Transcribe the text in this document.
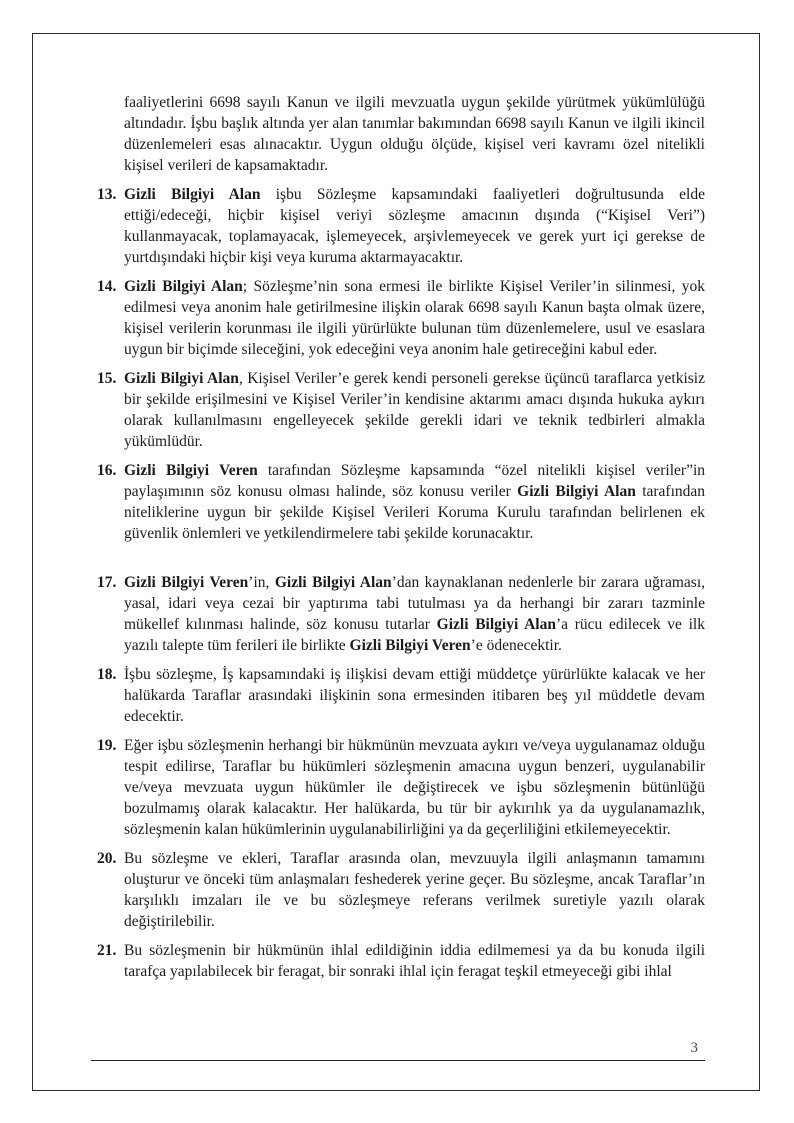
faaliyetlerini 6698 sayılı Kanun ve ilgili mevzuatla uygun şekilde yürütmek yükümlülüğü altındadır. İşbu başlık altında yer alan tanımlar bakımından 6698 sayılı Kanun ve ilgili ikincil düzenlemeleri esas alınacaktır. Uygun olduğu ölçüde, kişisel veri kavramı özel nitelikli kişisel verileri de kapsamaktadır.

13. Gizli Bilgiyi Alan işbu Sözleşme kapsamındaki faaliyetleri doğrultusunda elde ettiği/edeceği, hiçbir kişisel veriyi sözleşme amacının dışında (“Kişisel Veri”) kullanmayacak, toplamayacak, işlemeyecek, arşivlemeyecek ve gerek yurt içi gerekse de yurtdışındaki hiçbir kişi veya kuruma aktarmayacaktır.
14. Gizli Bilgiyi Alan; Sözleşme’nin sona ermesi ile birlikte Kişisel Veriler’in silinmesi, yok edilmesi veya anonim hale getirilmesine ilişkin olarak 6698 sayılı Kanun başta olmak üzere, kişisel verilerin korunması ile ilgili yürürlükte bulunan tüm düzenlemelere, usul ve esaslara uygun bir biçimde sileceğini, yok edeceğini veya anonim hale getireceğini kabul eder.
15. Gizli Bilgiyi Alan, Kişisel Veriler’e gerek kendi personeli gerekse üçüncü taraflarca yetkisiz bir şekilde erişilmesini ve Kişisel Veriler’in kendisine aktarımı amacı dışında hukuka aykırı olarak kullanılmasını engelleyecek şekilde gerekli idari ve teknik tedbirleri almakla yükümlüdür.
16. Gizli Bilgiyi Veren tarafından Sözleşme kapsamında “özel nitelikli kişisel veriler”in paylaşımının söz konusu olması halinde, söz konusu veriler Gizli Bilgiyi Alan tarafından niteliklerine uygun bir şekilde Kişisel Verileri Koruma Kurulu tarafından belirlenen ek güvenlik önlemleri ve yetkilendirmelere tabi şekilde korunacaktır.
17. Gizli Bilgiyi Veren’in, Gizli Bilgiyi Alan’dan kaynaklanan nedenlerle bir zarara uğraması, yasal, idari veya cezai bir yaptırıma tabi tutulması ya da herhangi bir zararı tazminle mükellef kılınması halinde, söz konusu tutarlar Gizli Bilgiyi Alan’a rücu edilecek ve ilk yazılı talepte tüm ferileri ile birlikte Gizli Bilgiyi Veren’e ödenecektir.
18. İşbu sözleşme, İş kapsamındaki iş ilişkisi devam ettiği müddetçe yürürlükte kalacak ve her halükarda Taraflar arasındaki ilişkinin sona ermesinden itibaren beş yıl müddetle devam edecektir.
19. Eğer işbu sözleşmenin herhangi bir hükmünün mevzuata aykırı ve/veya uygulanamaz olduğu tespit edilirse, Taraflar bu hükümleri sözleşmenin amacına uygun benzeri, uygulanabilir ve/veya mevzuata uygun hükümler ile değiştirecek ve işbu sözleşmenin bütünlüğü bozulmamış olarak kalacaktır. Her halükarda, bu tür bir aykırılık ya da uygulanamazlık, sözleşmenin kalan hükümlerinin uygulanabilirliğini ya da geçerliliğini etkilemeyecektir.
20. Bu sözleşme ve ekleri, Taraflar arasında olan, mevzuuyla ilgili anlaşmanın tamamını oluşturur ve önceki tüm anlaşmaları feshederek yerine geçer. Bu sözleşme, ancak Taraflar’ın karşılıklı imzaları ile ve bu sözleşmeye referans verilmek suretiyle yazılı olarak değiştirilebilir.
21. Bu sözleşmenin bir hükmünün ihlal edildiğinin iddia edilmemesi ya da bu konuda ilgili tarafça yapılabilecek bir feragat, bir sonraki ihlal için feragat teşkil etmeyeceği gibi ihlal
3
